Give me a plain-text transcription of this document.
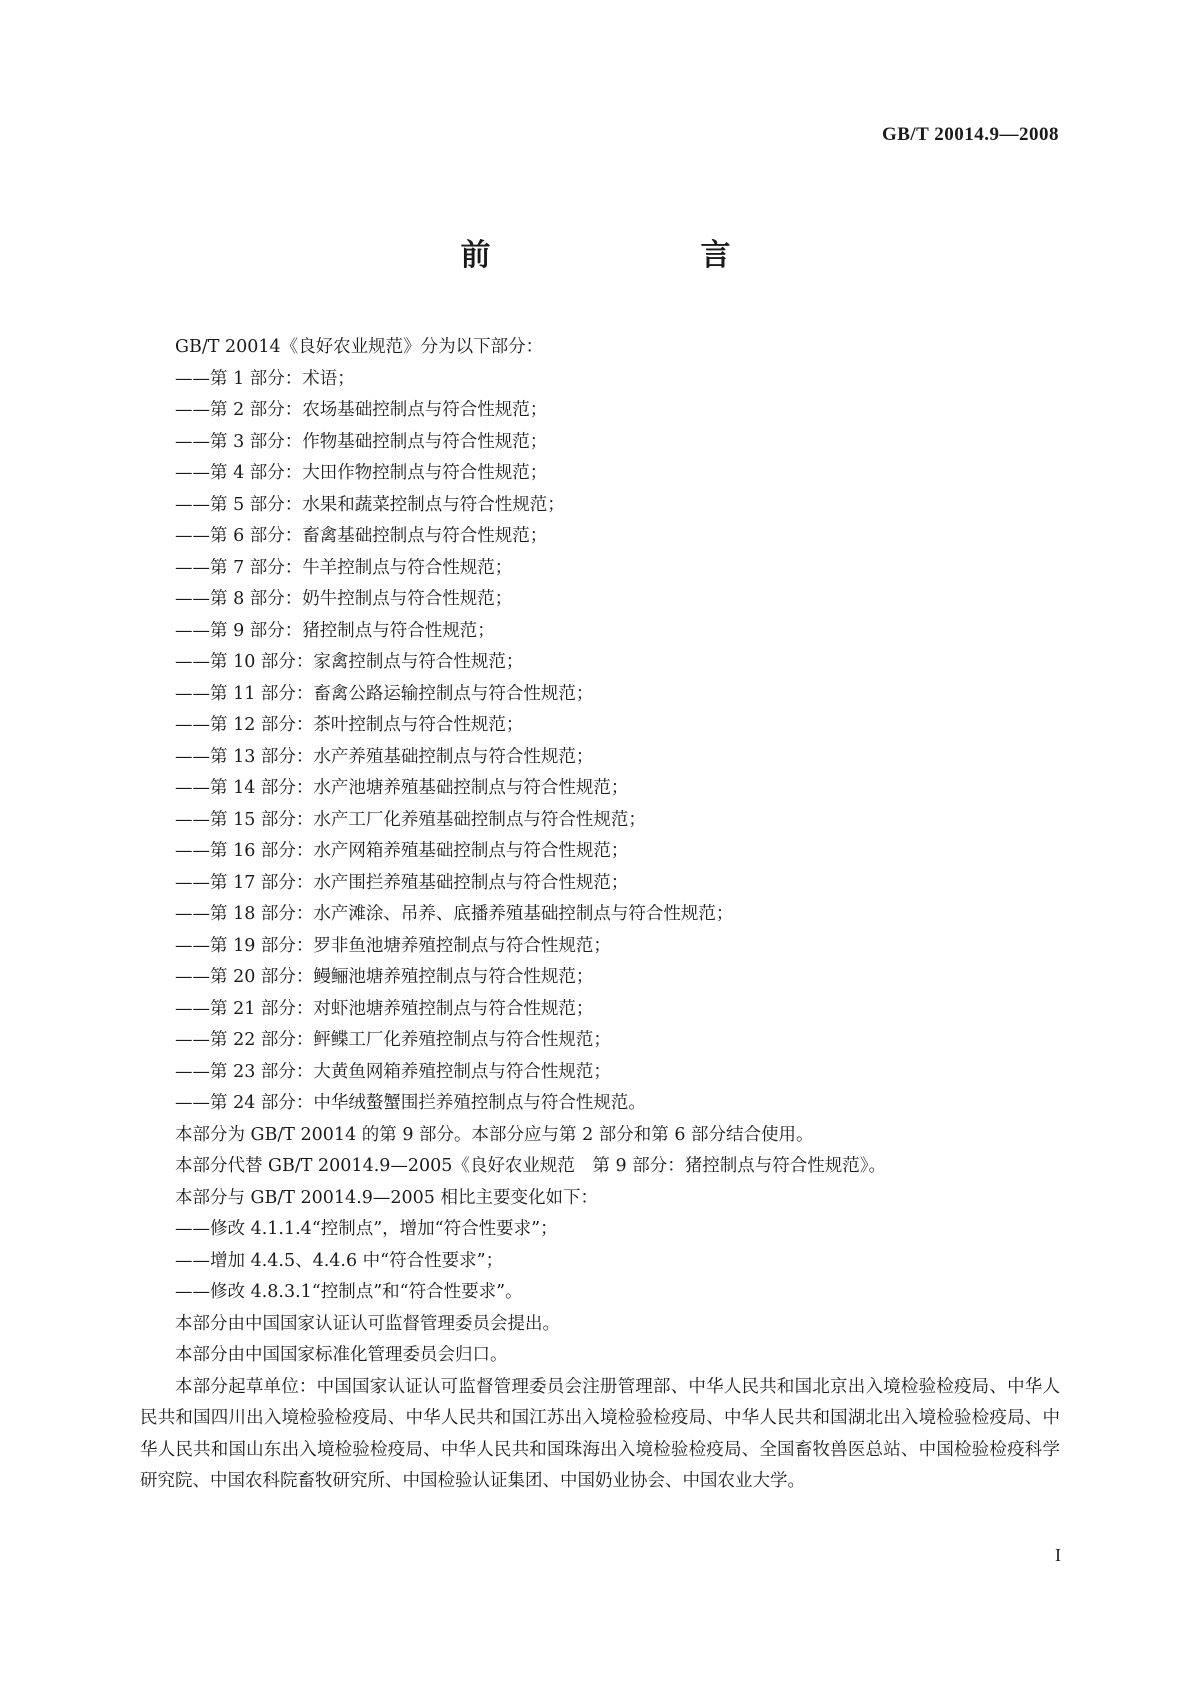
GB/T 20014.9—2008
前　　言

GB/T 20014《良好农业规范》分为以下部分：

——第 1 部分：术语；

——第 2 部分：农场基础控制点与符合性规范；

——第 3 部分：作物基础控制点与符合性规范；

——第 4 部分：大田作物控制点与符合性规范；

——第 5 部分：水果和蔬菜控制点与符合性规范；

——第 6 部分：畜禽基础控制点与符合性规范；

——第 7 部分：牛羊控制点与符合性规范；

——第 8 部分：奶牛控制点与符合性规范；

——第 9 部分：猪控制点与符合性规范；

——第 10 部分：家禽控制点与符合性规范；

——第 11 部分：畜禽公路运输控制点与符合性规范；

——第 12 部分：茶叶控制点与符合性规范；

——第 13 部分：水产养殖基础控制点与符合性规范；

——第 14 部分：水产池塘养殖基础控制点与符合性规范；

——第 15 部分：水产工厂化养殖基础控制点与符合性规范；

——第 16 部分：水产网箱养殖基础控制点与符合性规范；

——第 17 部分：水产围拦养殖基础控制点与符合性规范；

——第 18 部分：水产滩涂、吊养、底播养殖基础控制点与符合性规范；

——第 19 部分：罗非鱼池塘养殖控制点与符合性规范；

——第 20 部分：鳗鲡池塘养殖控制点与符合性规范；

——第 21 部分：对虾池塘养殖控制点与符合性规范；

——第 22 部分：鲆鲽工厂化养殖控制点与符合性规范；

——第 23 部分：大黄鱼网箱养殖控制点与符合性规范；

——第 24 部分：中华绒螯蟹围拦养殖控制点与符合性规范。

本部分为 GB/T 20014 的第 9 部分。本部分应与第 2 部分和第 6 部分结合使用。

本部分代替 GB/T 20014.9—2005《良好农业规范　第 9 部分：猪控制点与符合性规范》。

本部分与 GB/T 20014.9—2005 相比主要变化如下：

——修改 4.1.1.4“控制点”，增加“符合性要求”；

——增加 4.4.5、4.4.6 中“符合性要求”；

——修改 4.8.3.1“控制点”和“符合性要求”。

本部分由中国国家认证认可监督管理委员会提出。

本部分由中国国家标准化管理委员会归口。

本部分起草单位：中国国家认证认可监督管理委员会注册管理部、中华人民共和国北京出入境检验检疫局、中华人民共和国四川出入境检验检疫局、中华人民共和国江苏出入境检验检疫局、中华人民共和国湖北出入境检验检疫局、中华人民共和国山东出入境检验检疫局、中华人民共和国珠海出入境检验检疫局、全国畜牧兽医总站、中国检验检疫科学研究院、中国农科院畜牧研究所、中国检验认证集团、中国奶业协会、中国农业大学。

I
